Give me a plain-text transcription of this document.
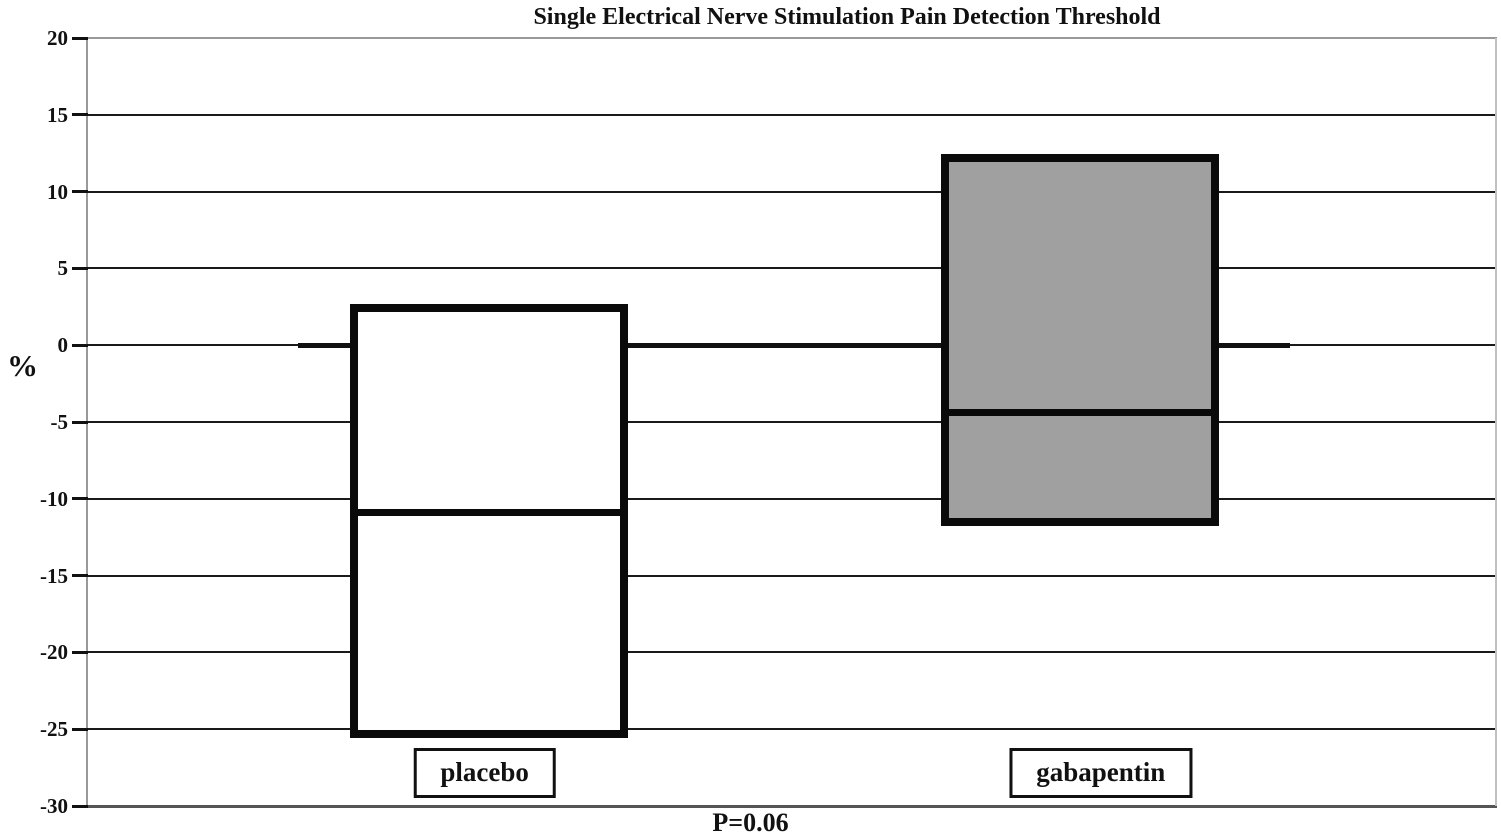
Single Electrical Nerve Stimulation Pain Detection Threshold
%
20
15
10
5
0
-5
-10
-15
-20
-25
-30
placebo	gabapentin
P=0.06
